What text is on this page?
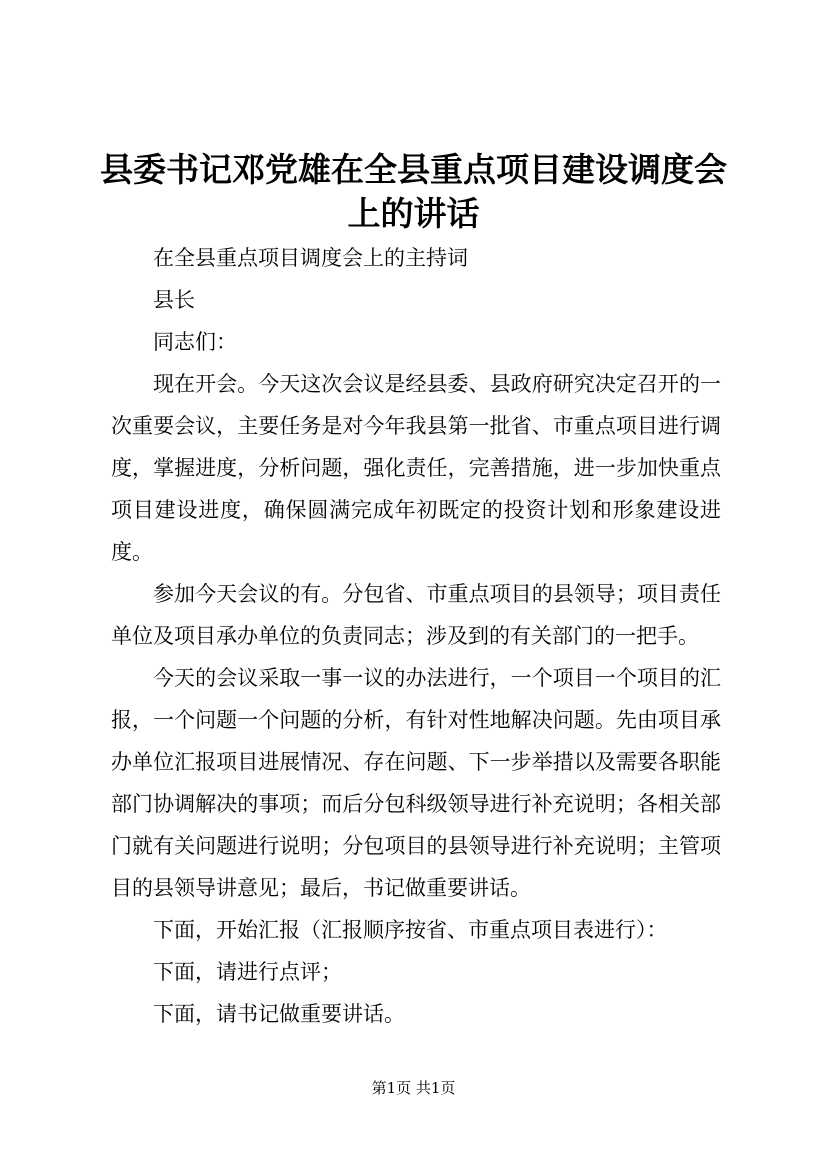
县委书记邓党雄在全县重点项目建设调度会上的讲话

在全县重点项目调度会上的主持词

县长

同志们：

现在开会。今天这次会议是经县委、县政府研究决定召开的一次重要会议，主要任务是对今年我县第一批省、市重点项目进行调度，掌握进度，分析问题，强化责任，完善措施，进一步加快重点项目建设进度，确保圆满完成年初既定的投资计划和形象建设进度。

参加今天会议的有。分包省、市重点项目的县领导；项目责任单位及项目承办单位的负责同志；涉及到的有关部门的一把手。

今天的会议采取一事一议的办法进行，一个项目一个项目的汇报，一个问题一个问题的分析，有针对性地解决问题。先由项目承办单位汇报项目进展情况、存在问题、下一步举措以及需要各职能部门协调解决的事项；而后分包科级领导进行补充说明；各相关部门就有关问题进行说明；分包项目的县领导进行补充说明；主管项目的县领导讲意见；最后，书记做重要讲话。

下面，开始汇报（汇报顺序按省、市重点项目表进行）：

下面，请进行点评；

下面，请书记做重要讲话。

第1页 共1页
